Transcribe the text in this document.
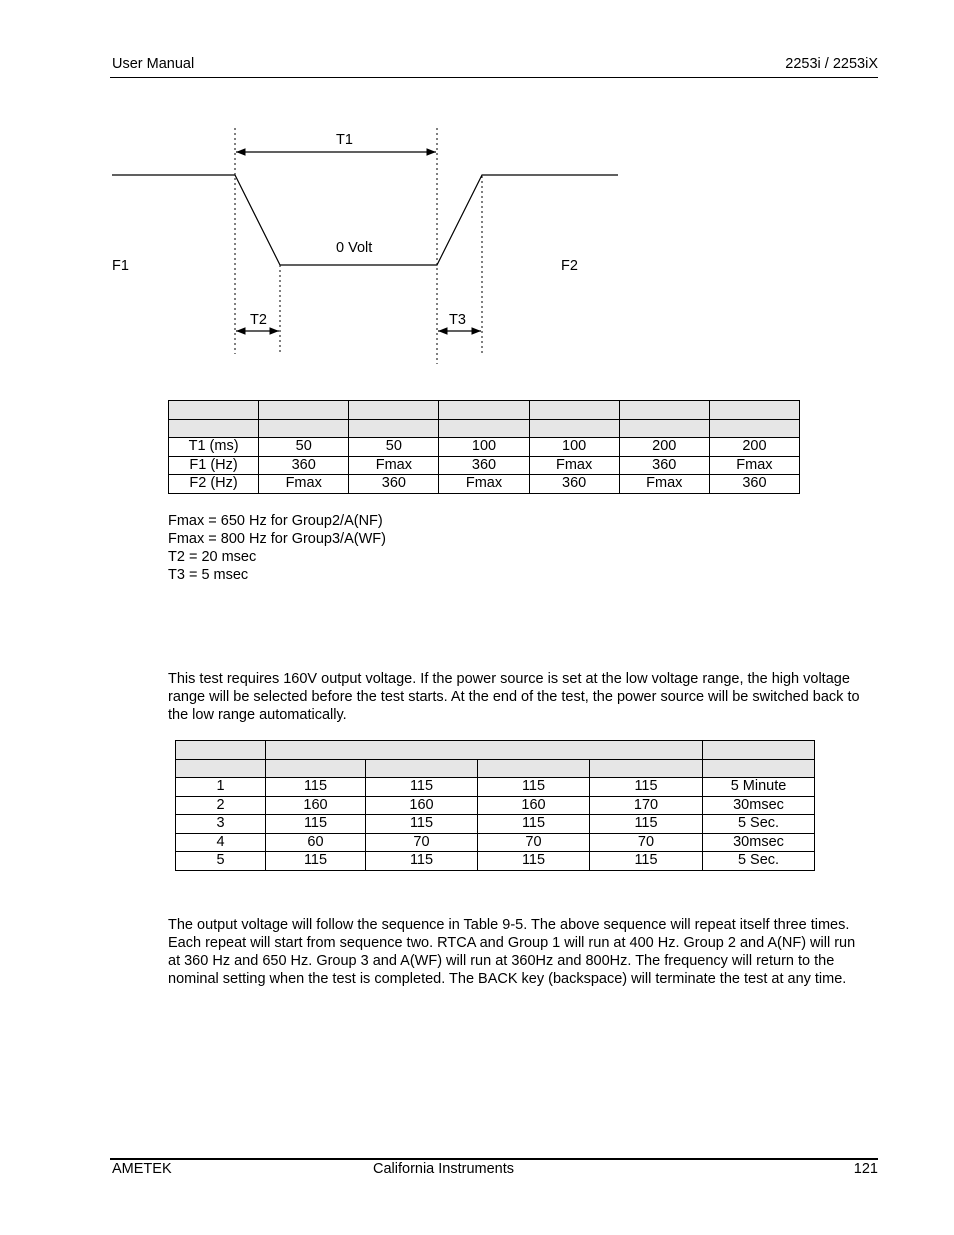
User Manual	2253i / 2253iX
T1
0 Volt
F1	F2
T2	T3

T1 (ms)	50	50	100	100	200	200
F1 (Hz)	360	Fmax	360	Fmax	360	Fmax
F2 (Hz)	Fmax	360	Fmax	360	Fmax	360
Fmax = 650 Hz for Group2/A(NF)
Fmax = 800 Hz for Group3/A(WF)
T2 = 20 msec
T3 = 5 msec
This test requires 160V output voltage. If the power source is set at the low voltage range, the high voltage range will be selected before the test starts. At the end of the test, the power source will be switched back to the low range automatically.

1	115	115	115	115	5 Minute
2	160	160	160	170	30msec
3	115	115	115	115	5 Sec.
4	60	70	70	70	30msec
5	115	115	115	115	5 Sec.
The output voltage will follow the sequence in Table 9-5. The above sequence will repeat itself three times. Each repeat will start from sequence two. RTCA and Group 1 will run at 400 Hz. Group 2 and A(NF) will run at 360 Hz and 650 Hz. Group 3 and A(WF) will run at 360Hz and 800Hz. The frequency will return to the nominal setting when the test is completed. The BACK key (backspace) will terminate the test at any time.
AMETEK	California Instruments	121
